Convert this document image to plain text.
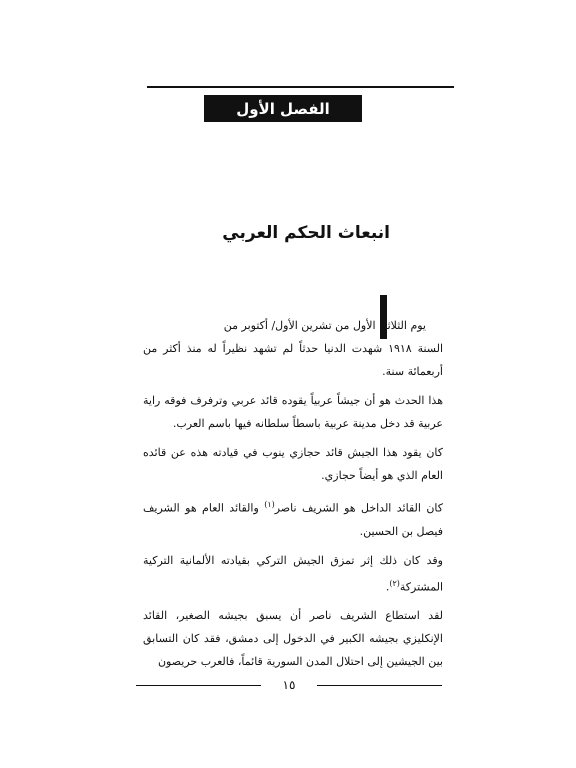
الفصل الأول
انبعاث الحكم العربي

يوم الثلاثاء الأول من تشرين الأول/ أكتوبر من

السنة ١٩١٨ شهدت الدنيا حدثاً لم تشهد نظيراً له منذ أكثر من أربعمائة سنة.

هذا الحدث هو أن جيشاً عربياً يقوده قائد عربي وترفرف فوقه راية عربية قد دخل مدينة عربية باسطاً سلطانه فيها باسم العرب.

كان يقود هذا الجيش قائد حجازي ينوب في قيادته هذه عن قائده العام الذي هو أيضاً حجازي.

كان القائد الداخل هو الشريف ناصر$^{(١)}$ والقائد العام هو الشريف فيصل بن الحسين.

وقد كان ذلك إثر تمزق الجيش التركي بقيادته الألمانية التركية المشتركة$^{(٢)}$.

لقد استطاع الشريف ناصر أن يسبق بجيشه الصغير، القائد الإنكليزي بجيشه الكبير في الدخول إلى دمشق، فقد كان التسابق بين الجيشين إلى احتلال المدن السورية قائماً، فالعرب حريصون

١٥
